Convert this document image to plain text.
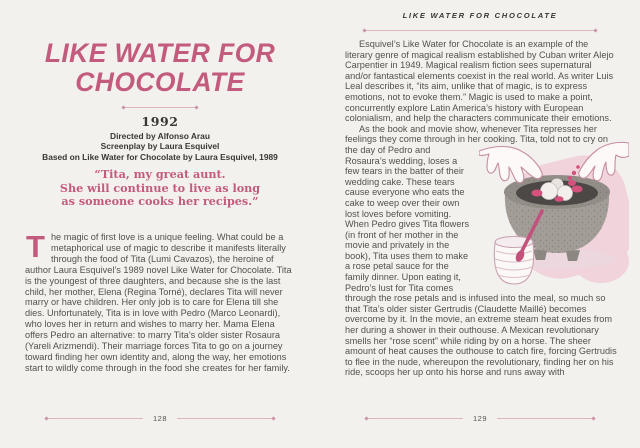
LIKE WATER FOR
CHOCOLATE
1992
Directed by Alfonso Arau
Screenplay by Laura Esquivel
Based on Like Water for Chocolate by Laura Esquivel, 1989
“Tita, my great aunt.
She will continue to live as long
as someone cooks her recipes.”
The magic of first love is a unique feeling. What could be a metaphorical use of magic to describe it manifests literally through the food of Tita (Lumi Cavazos), the heroine of author Laura Esquivel’s 1989 novel Like Water for Chocolate. Tita is the youngest of three daughters, and because she is the last child, her mother, Elena (Regina Torné), declares Tita will never marry or have children. Her only job is to care for Elena till she dies. Unfortunately, Tita is in love with Pedro (Marco Leonardi), who loves her in return and wishes to marry her. Mama Elena offers Pedro an alternative: to marry Tita’s older sister Rosaura (Yareli Arizmendi). Their marriage forces Tita to go on a journey toward finding her own identity and, along the way, her emotions start to wildly come through in the food she creates for her family.
128
LIKE WATER FOR CHOCOLATE

Esquivel’s Like Water for Chocolate is an example of the literary genre of magical realism established by Cuban writer Alejo Carpentier in 1949. Magical realism fiction sees supernatural and/or fantastical elements coexist in the real world. As writer Luis Leal describes it, “its aim, unlike that of magic, is to express emotions, not to evoke them.” Magic is used to make a point, concurrently explore Latin America’s history with European colonialism, and help the characters communicate their emotions.

As the book and movie show, whenever Tita represses her feelings they come through in her cooking. Tita, told not to cry on the day of Pedro and Rosaura’s wedding, loses a few tears in the batter of their wedding cake. These tears cause everyone who eats the cake to weep over their own lost loves before vomiting. When Pedro gives Tita flowers (in front of her mother in the movie and privately in the book), Tita uses them to make a rose petal sauce for the family dinner. Upon eating it, Pedro’s lust for Tita comes through the rose petals and is infused into the meal, so much so that Tita’s older sister Gertrudis (Claudette Maillé) becomes overcome by it. In the movie, an extreme steam heat exudes from her during a shower in their outhouse. A Mexican revolutionary smells her “rose scent” while riding by on a horse. The sheer amount of heat causes the outhouse to catch fire, forcing Gertrudis to flee in the nude, whereupon the revolutionary, finding her on his ride, scoops her up onto his horse and runs away with

129
